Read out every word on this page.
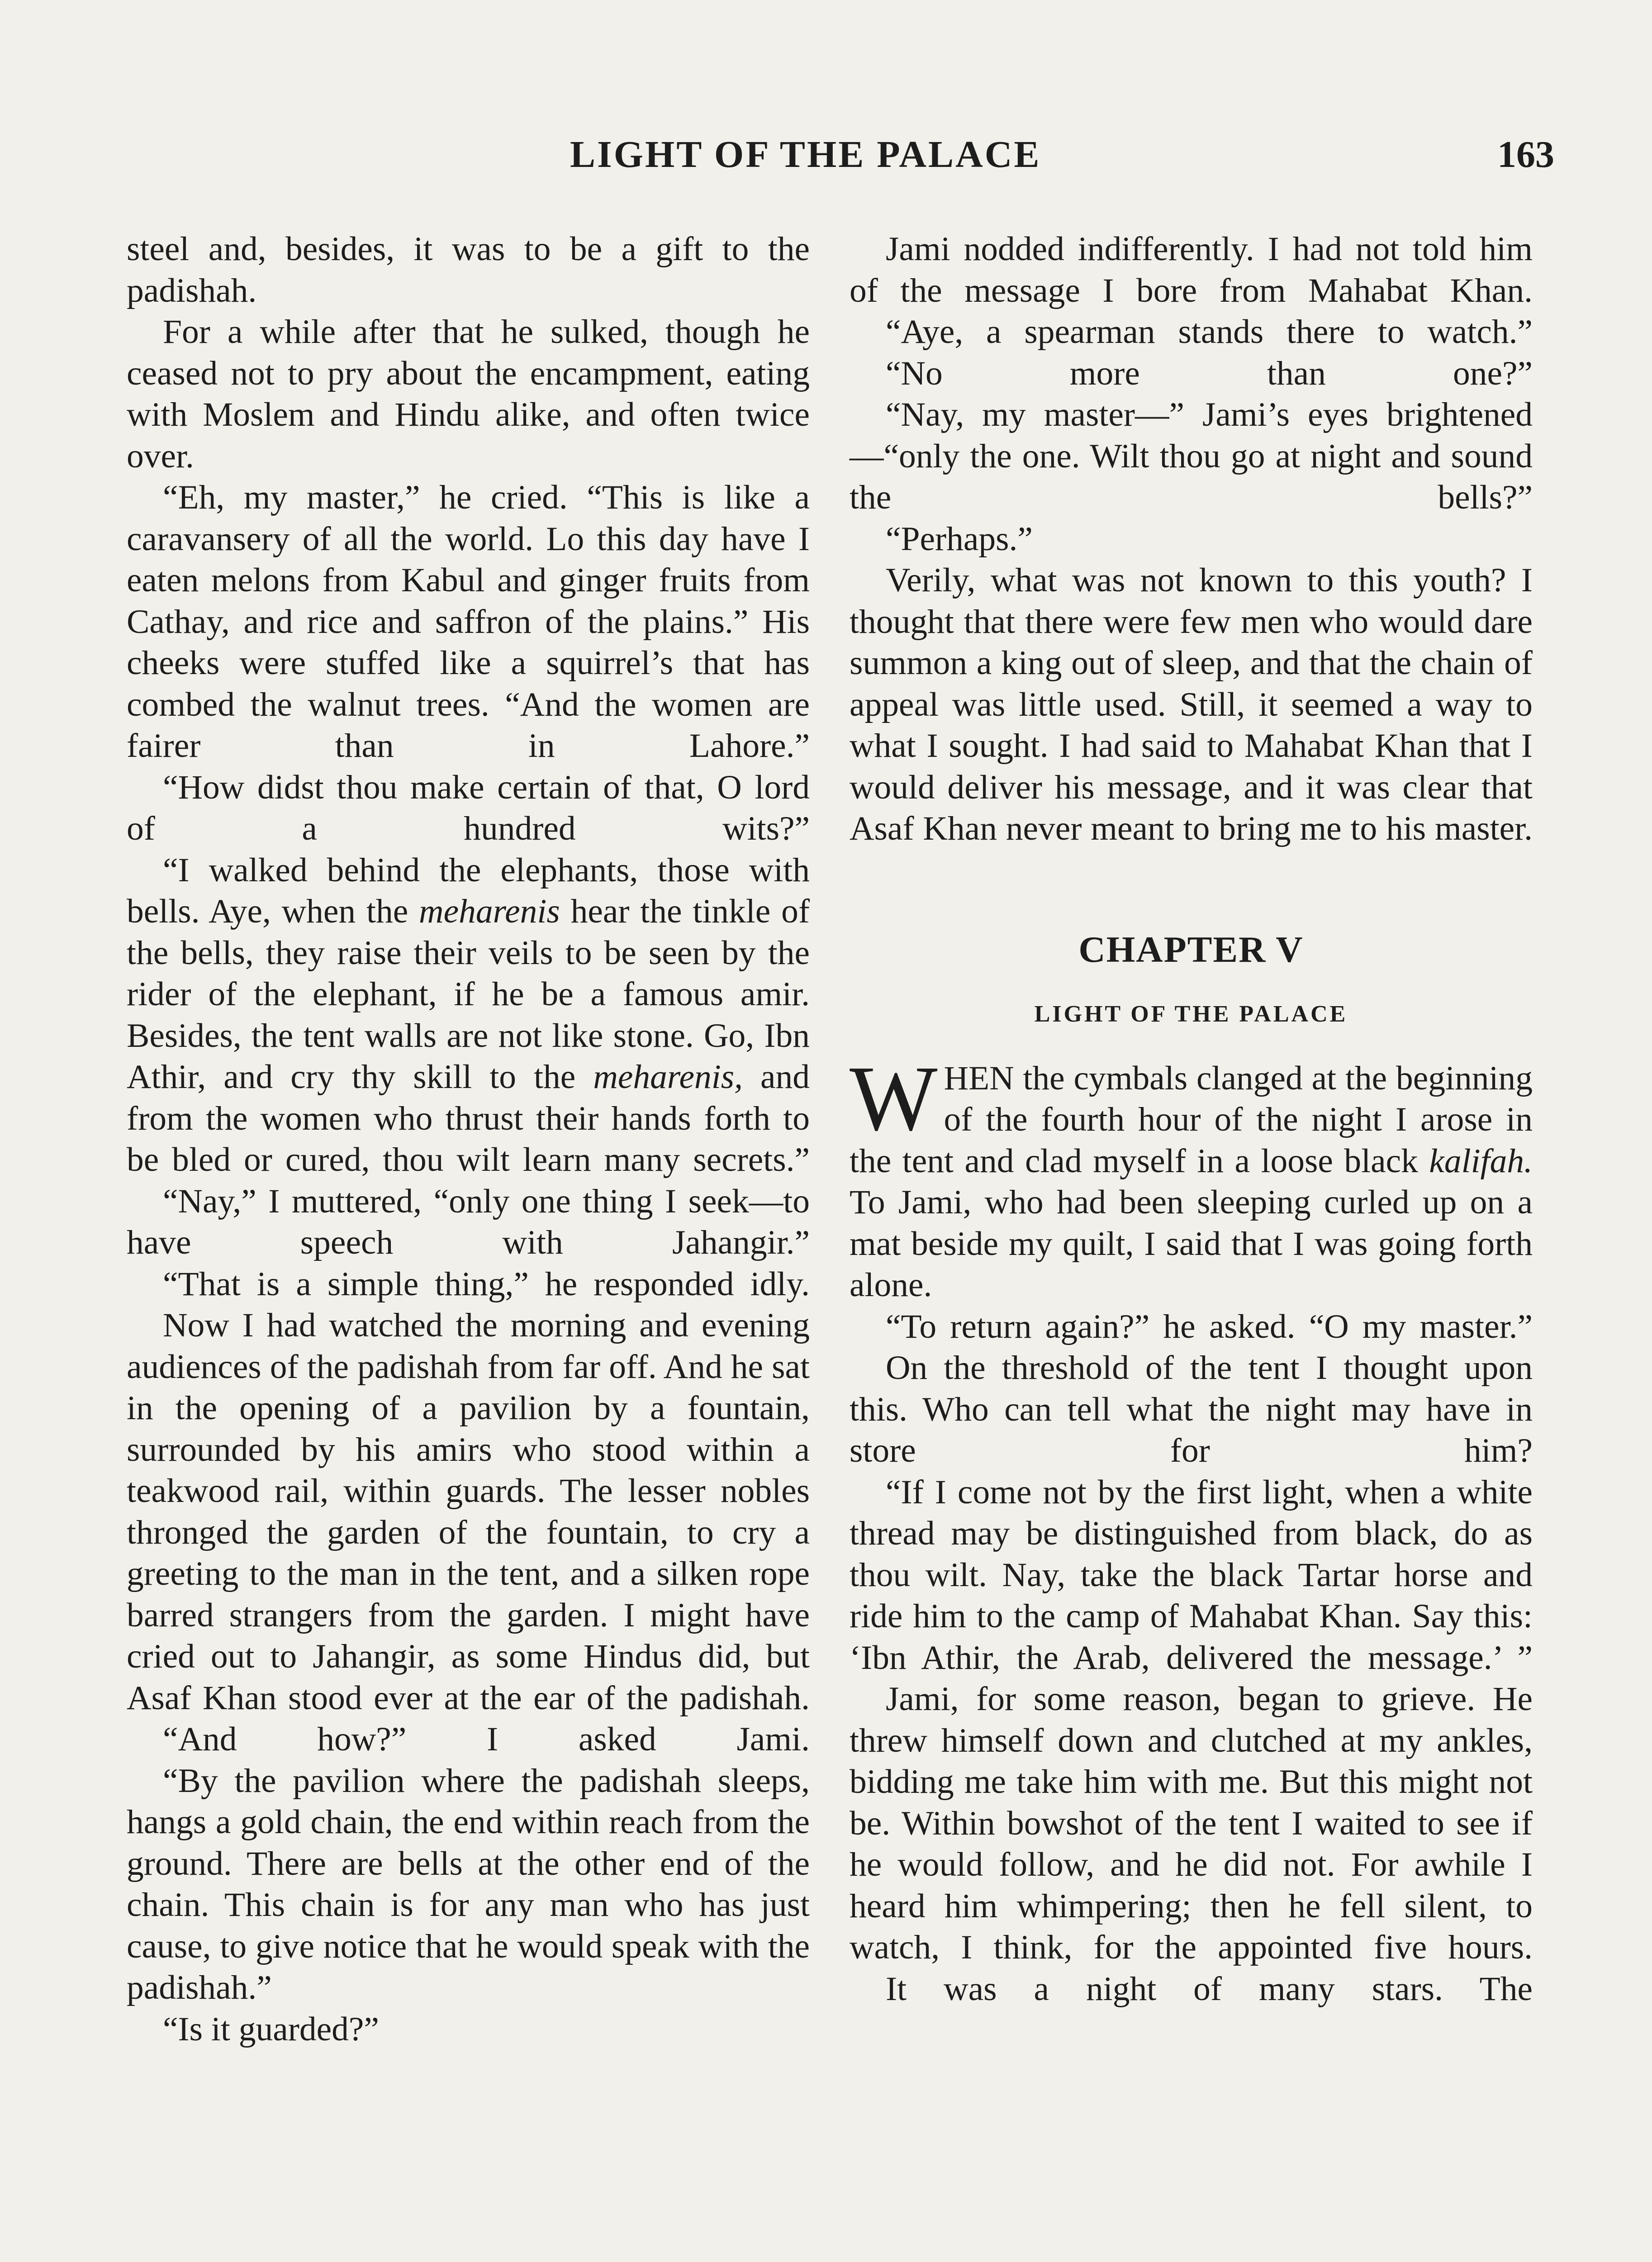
LIGHT OF THE PALACE	163

steel and, besides, it was to be a gift to the padishah.

For a while after that he sulked, though he ceased not to pry about the encampment, eating with Moslem and Hindu alike, and often twice over.

“Eh, my master,” he cried. “This is like a caravansery of all the world. Lo this day have I eaten melons from Kabul and ginger fruits from Cathay, and rice and saffron of the plains.” His cheeks were stuffed like a squirrel’s that has combed the walnut trees. “And the women are fairer than in Lahore.”

“How didst thou make certain of that, O lord of a hundred wits?”

“I walked behind the elephants, those with bells. Aye, when the meharenis hear the tinkle of the bells, they raise their veils to be seen by the rider of the elephant, if he be a famous amir. Besides, the tent walls are not like stone. Go, Ibn Athir, and cry thy skill to the meharenis, and from the women who thrust their hands forth to be bled or cured, thou wilt learn many secrets.”

“Nay,” I muttered, “only one thing I seek—to have speech with Jahangir.”

“That is a simple thing,” he responded idly.

Now I had watched the morning and evening audiences of the padishah from far off. And he sat in the opening of a pavilion by a fountain, surrounded by his amirs who stood within a teakwood rail, within guards. The lesser nobles thronged the garden of the fountain, to cry a greeting to the man in the tent, and a silken rope barred strangers from the garden. I might have cried out to Jahangir, as some Hindus did, but Asaf Khan stood ever at the ear of the padishah.

“And how?” I asked Jami.

“By the pavilion where the padishah sleeps, hangs a gold chain, the end within reach from the ground. There are bells at the other end of the chain. This chain is for any man who has just cause, to give notice that he would speak with the padishah.”

“Is it guarded?”

Jami nodded indifferently. I had not told him of the message I bore from Mahabat Khan.

“Aye, a spearman stands there to watch.”

“No more than one?”

“Nay, my master—” Jami’s eyes brightened—“only the one. Wilt thou go at night and sound the bells?”

“Perhaps.”

Verily, what was not known to this youth? I thought that there were few men who would dare summon a king out of sleep, and that the chain of appeal was little used. Still, it seemed a way to what I sought. I had said to Mahabat Khan that I would deliver his message, and it was clear that Asaf Khan never meant to bring me to his master.

CHAPTER V
LIGHT OF THE PALACE

WHEN the cymbals clanged at the beginning of the fourth hour of the night I arose in the tent and clad myself in a loose black kalifah. To Jami, who had been sleeping curled up on a mat beside my quilt, I said that I was going forth alone.

“To return again?” he asked. “O my master.”

On the threshold of the tent I thought upon this. Who can tell what the night may have in store for him?

“If I come not by the first light, when a white thread may be distinguished from black, do as thou wilt. Nay, take the black Tartar horse and ride him to the camp of Mahabat Khan. Say this: ‘Ibn Athir, the Arab, delivered the message.’ ”

Jami, for some reason, began to grieve. He threw himself down and clutched at my ankles, bidding me take him with me. But this might not be. Within bowshot of the tent I waited to see if he would follow, and he did not. For awhile I heard him whimpering; then he fell silent, to watch, I think, for the appointed five hours.

It was a night of many stars. The
